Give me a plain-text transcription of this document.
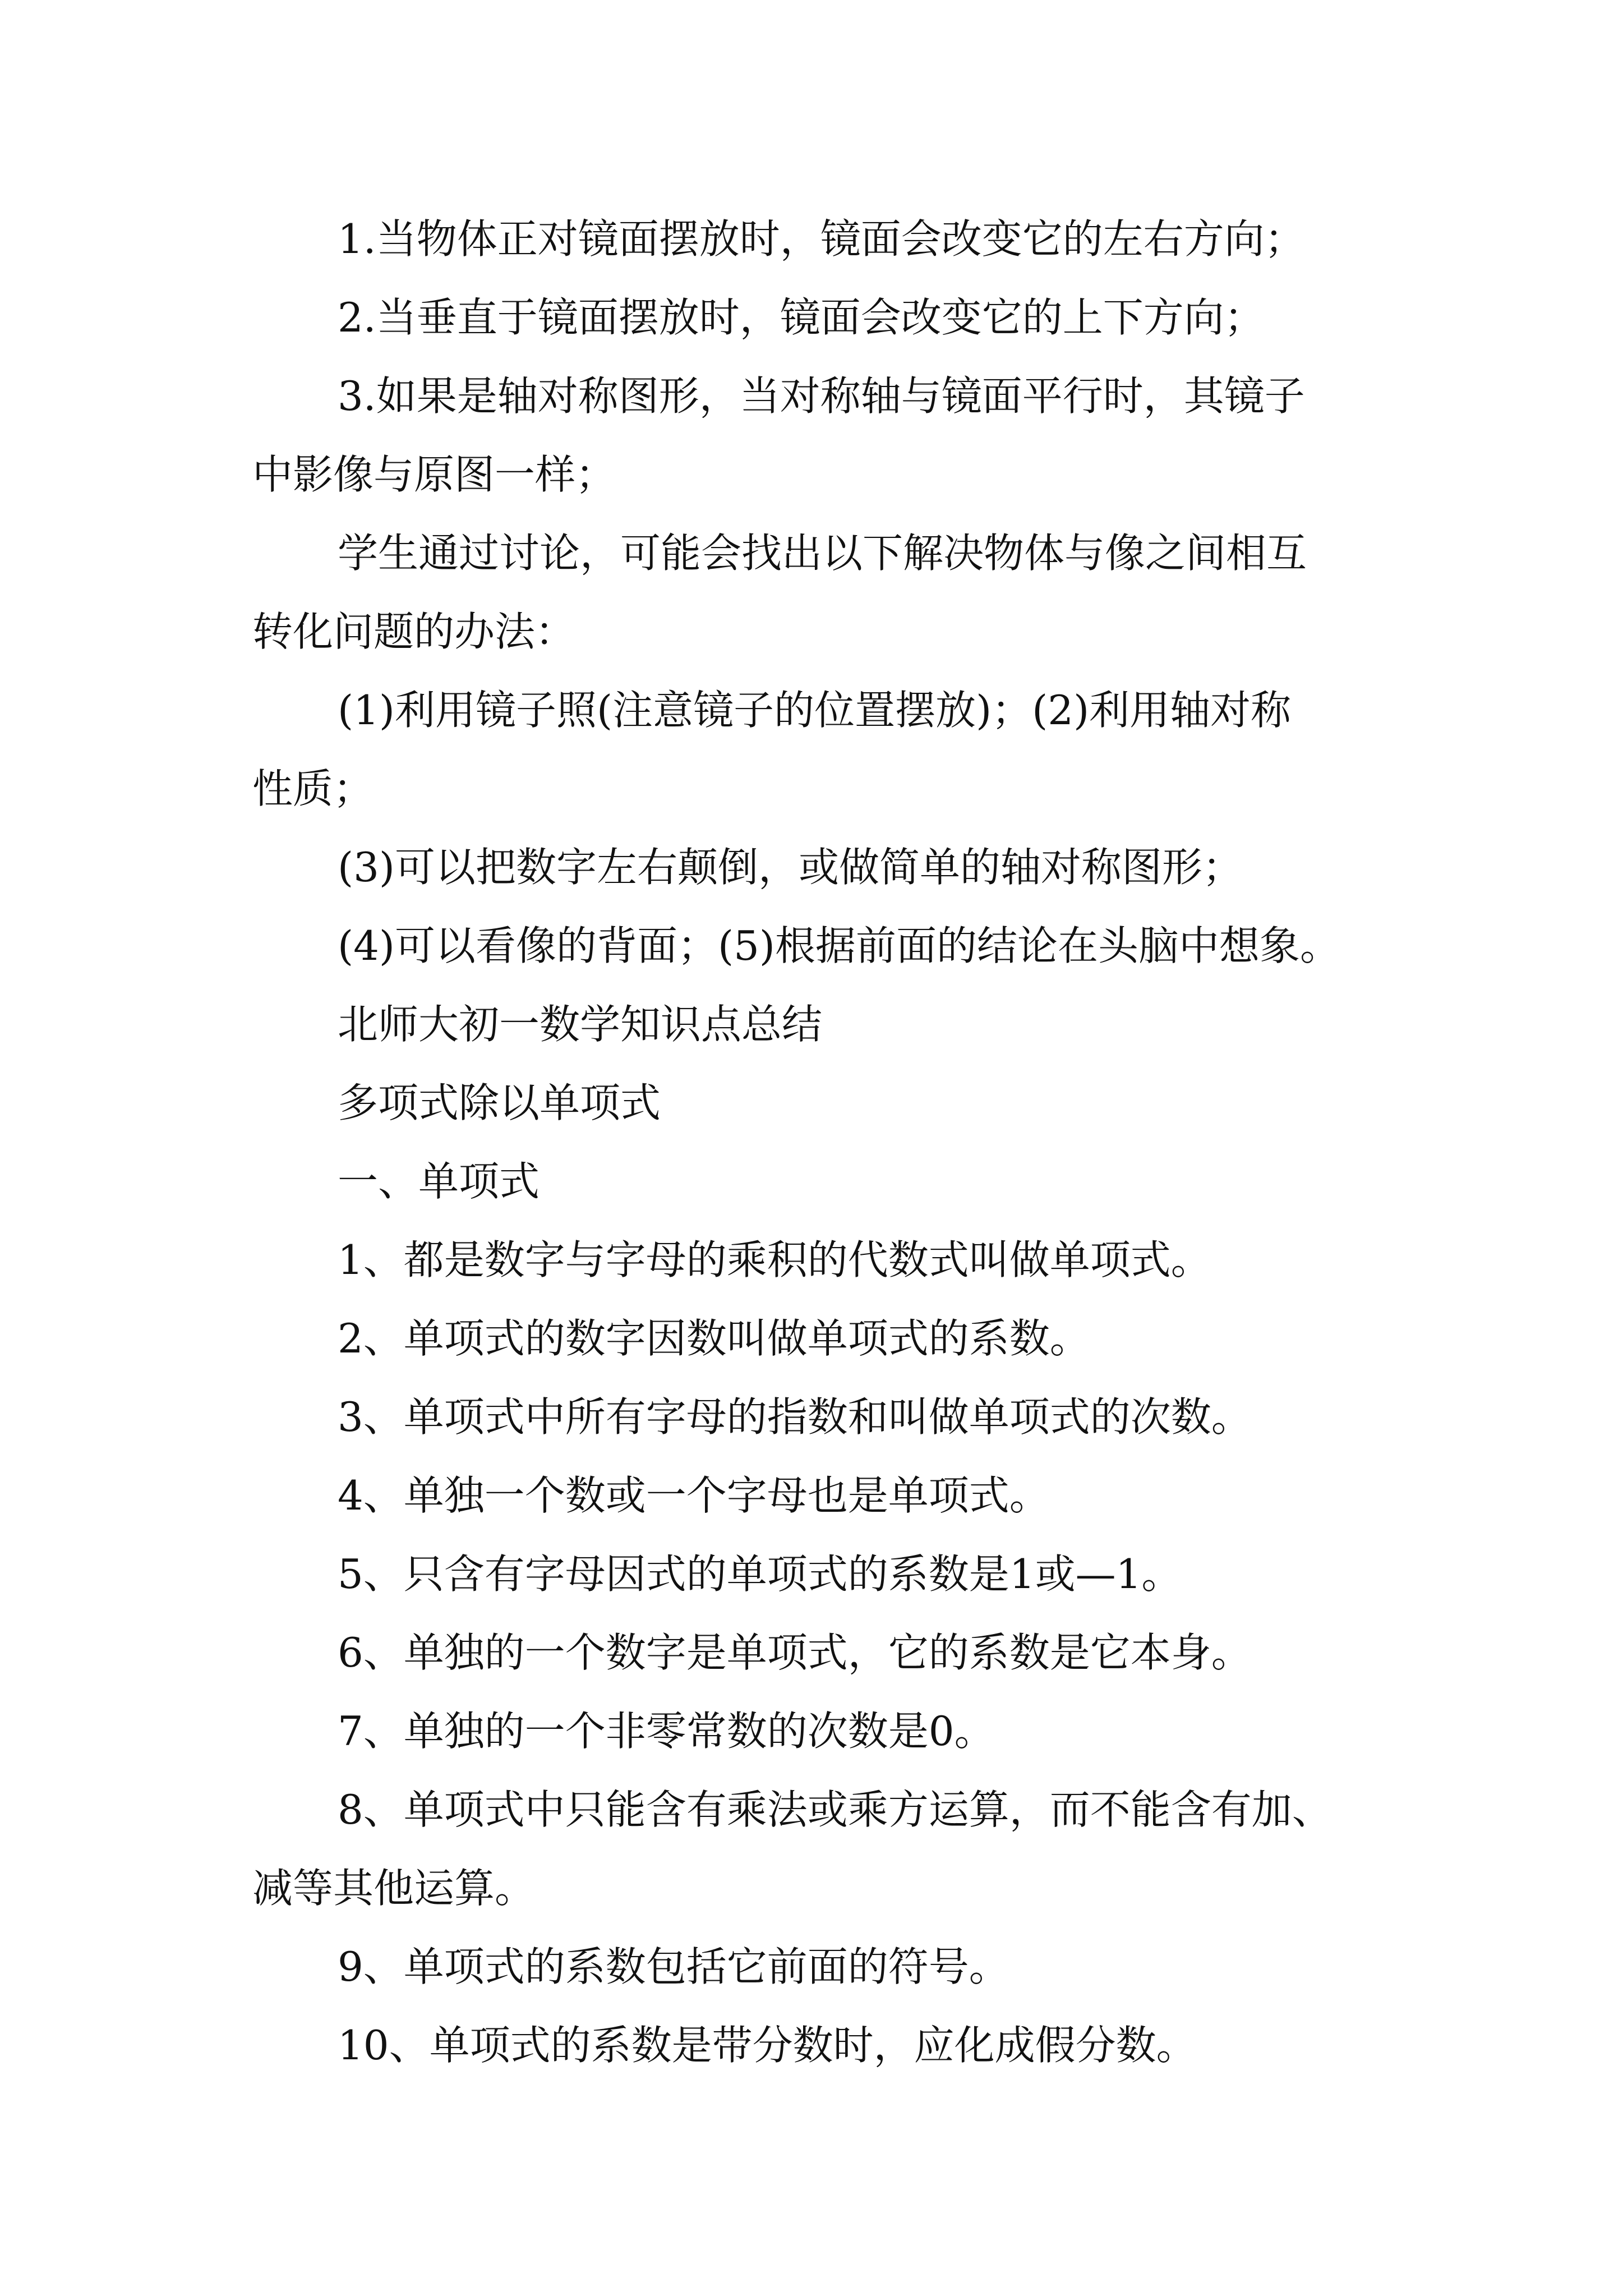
1.当物体正对镜面摆放时，镜面会改变它的左右方向；
2.当垂直于镜面摆放时，镜面会改变它的上下方向；
3.如果是轴对称图形，当对称轴与镜面平行时，其镜子
中影像与原图一样；
学生通过讨论，可能会找出以下解决物体与像之间相互
转化问题的办法：
(1)利用镜子照(注意镜子的位置摆放)；(2)利用轴对称
性质；
(3)可以把数字左右颠倒，或做简单的轴对称图形；
(4)可以看像的背面；(5)根据前面的结论在头脑中想象。
北师大初一数学知识点总结
多项式除以单项式
一、单项式
1、都是数字与字母的乘积的代数式叫做单项式。
2、单项式的数字因数叫做单项式的系数。
3、单项式中所有字母的指数和叫做单项式的次数。
4、单独一个数或一个字母也是单项式。
5、只含有字母因式的单项式的系数是1或—1。
6、单独的一个数字是单项式，它的系数是它本身。
7、单独的一个非零常数的次数是0。
8、单项式中只能含有乘法或乘方运算，而不能含有加、
减等其他运算。
9、单项式的系数包括它前面的符号。
10、单项式的系数是带分数时，应化成假分数。
